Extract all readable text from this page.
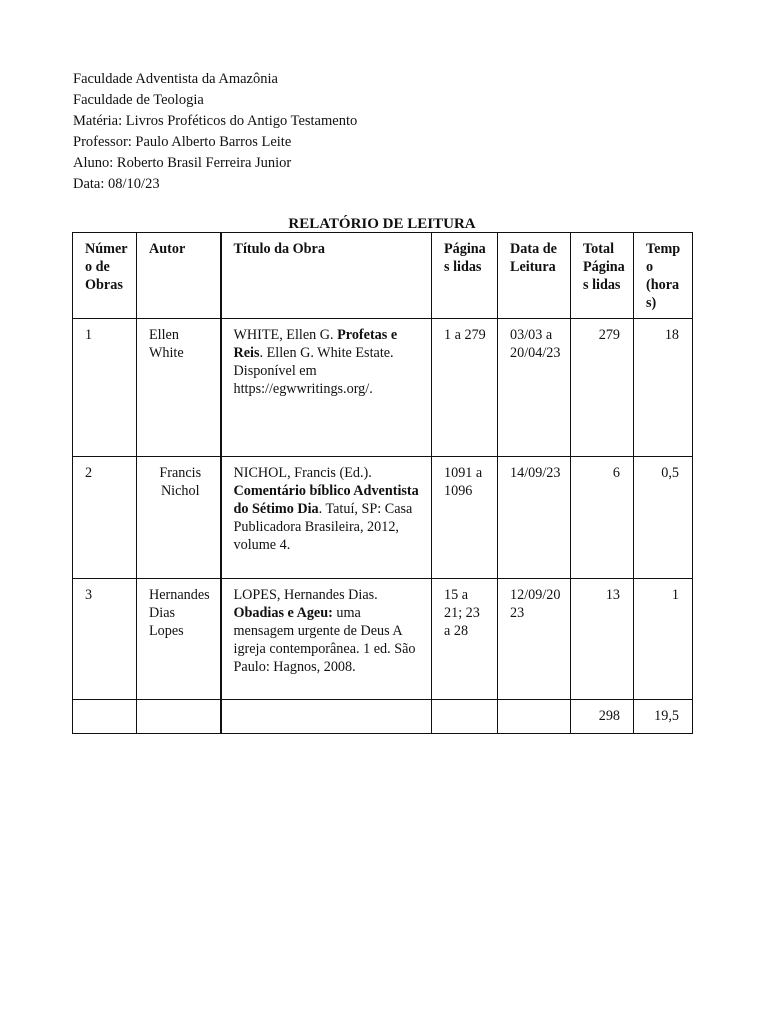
Faculdade Adventista da Amazônia
Faculdade de Teologia
Matéria: Livros Proféticos do Antigo Testamento
Professor: Paulo Alberto Barros Leite
Aluno: Roberto Brasil Ferreira Junior
Data: 08/10/23
RELATÓRIO DE LEITURA
Número de Obras	Autor	Título da Obra	Páginas lidas	Data de Leitura	Total Páginas lidas	Tempo (horas)
1	Ellen White	WHITE, Ellen G. Profetas e Reis. Ellen G. White Estate. Disponível em https://egwwritings.org/.	1 a 279	03/03 a 20/04/23	279	18
2	Francis Nichol	NICHOL, Francis (Ed.). Comentário bíblico Adventista do Sétimo Dia. Tatuí, SP: Casa Publicadora Brasileira, 2012, volume 4.	1091 a 1096	14/09/23	6	0,5
3	Hernandes Dias Lopes	LOPES, Hernandes Dias. Obadias e Ageu: uma mensagem urgente de Deus A igreja contemporânea. 1 ed. São Paulo: Hagnos, 2008.	15 a 21; 23 a 28	12/09/2023	13	1
					298	19,5
